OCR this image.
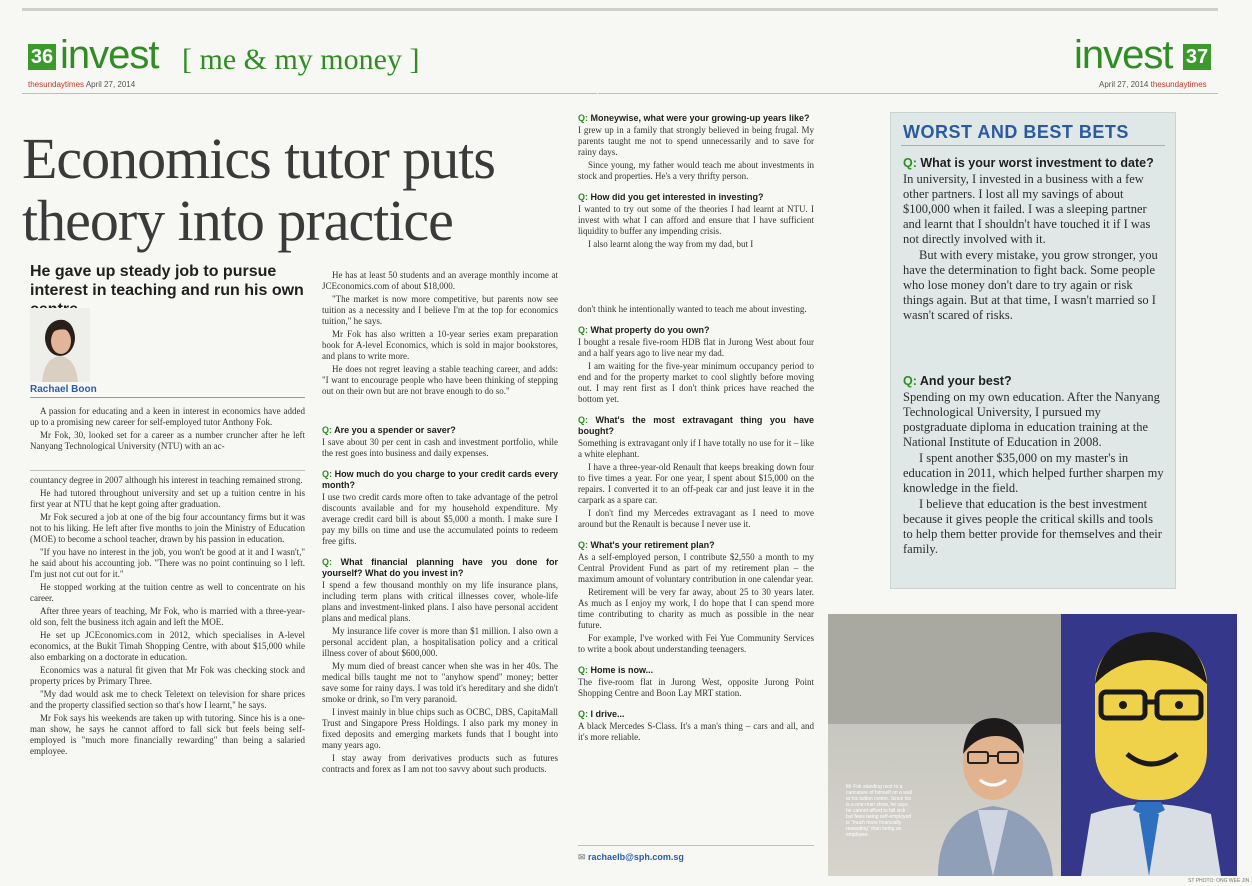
36 invest [ me & my money ]
thesundaytimes April 27, 2014
invest 37
April 27, 2014 thesundaytimes
Economics tutor puts theory into practice
He gave up steady job to pursue interest in teaching and run his own
Rachael Boon

A passion for educating and a keen in interest in economics have added up to a promising new career for self-employed tutor Anthony Fok.

Mr Fok, 30, looked set for a career as a number cruncher after he left Nanyang Technological University (NTU) with an ac-

countancy degree in 2007 although his interest in teaching remained strong.

He had tutored throughout university and set up a tuition centre in his first year at NTU that he kept going after graduation.

Mr Fok secured a job at one of the big four accountancy firms but it was not to his liking. He left after five months to join the Ministry of Education (MOE) to become a school teacher, drawn by his passion in education.

"If you have no interest in the job, you won't be good at it and I wasn't," he said about his accounting job. "There was no point continuing so I left. I'm just not cut out for it."

He stopped working at the tuition centre as well to concentrate on his career.

After three years of teaching, Mr Fok, who is married with a three-year-old son, felt the business itch again and left the MOE.

He set up JCEconomics.com in 2012, which specialises in A-level economics, at the Bukit Timah Shopping Centre, with about $15,000 while also embarking on a doctorate in education.

Economics was a natural fit given that Mr Fok was checking stock and property prices by Primary Three.

"My dad would ask me to check Teletext on television for share prices and the property classified section so that's how I learnt," he says.

Mr Fok says his weekends are taken up with tutoring. Since his is a one-man show, he says he cannot afford to fall sick but feels being self-employed is "much more financially rewarding" than being a salaried employee.

He has at least 50 students and an average monthly income at JCEconomics.com of about $18,000.

"The market is now more competitive, but parents now see tuition as a necessity and I believe I'm at the top for economics tuition," he says.

Mr Fok has also written a 10-year series exam preparation book for A-level Economics, which is sold in major bookstores, and plans to write more.

He does not regret leaving a stable teaching career, and adds: "I want to encourage people who have been thinking of stepping out on their own but are not brave enough to do so."

Q: Are you a spender or saver?

I save about 30 per cent in cash and investment portfolio, while the rest goes into business and daily expenses.

Q: How much do you charge to your credit cards every month?

I use two credit cards more often to take advantage of the petrol discounts available and for my household expenditure. My average credit card bill is about $5,000 a month. I make sure I pay my bills on time and use the accumulated points to redeem free gifts.

Q: What financial planning have you done for yourself? What do you invest in?

I spend a few thousand monthly on my life insurance plans, including term plans with critical illnesses cover, whole-life plans and investment-linked plans. I also have personal accident plans and medical plans.

My insurance life cover is more than $1 million. I also own a personal accident plan, a hospitalisation policy and a critical illness cover of about $600,000.

My mum died of breast cancer when she was in her 40s. The medical bills taught me not to "anyhow spend" money; better save some for rainy days. I was told it's hereditary and she didn't smoke or drink, so I'm very paranoid.

I invest mainly in blue chips such as OCBC, DBS, CapitaMall Trust and Singapore Press Holdings. I also park my money in fixed deposits and emerging markets funds that I bought into many years ago.

I stay away from derivatives products such as futures contracts and forex as I am not too savvy about such products.

Q: Moneywise, what were your growing-up years like?

I grew up in a family that strongly believed in being frugal. My parents taught me not to spend unnecessarily and to save for rainy days.

Since young, my father would teach me about investments in stock and properties. He's a very thrifty person.

Q: How did you get interested in investing?

I wanted to try out some of the theories I had learnt at NTU. I invest with what I can afford and ensure that I have sufficient liquidity to buffer any impending crisis.

I also learnt along the way from my dad, but I

don't think he intentionally wanted to teach me about investing.

Q: What property do you own?

I bought a resale five-room HDB flat in Jurong West about four and a half years ago to live near my dad.

I am waiting for the five-year minimum occupancy period to end and for the property market to cool slightly before moving out. I may rent first as I don't think prices have reached the bottom yet.

Q: What's the most extravagant thing you have bought?

Something is extravagant only if I have totally no use for it – like a white elephant.

I have a three-year-old Renault that keeps breaking down four to five times a year. For one year, I spent about $15,000 on the repairs. I converted it to an off-peak car and just leave it in the carpark as a spare car.

I don't find my Mercedes extravagant as I need to move around but the Renault is because I never use it.

Q: What's your retirement plan?

As a self-employed person, I contribute $2,550 a month to my Central Provident Fund as part of my retirement plan – the maximum amount of voluntary contribution in one calendar year.

Retirement will be very far away, about 25 to 30 years later. As much as I enjoy my work, I do hope that I can spend more time contributing to charity as much as possible in the near future.

For example, I've worked with Fei Yue Community Services to write a book about understanding teenagers.

Q: Home is now...

The five-room flat in Jurong West, opposite Jurong Point Shopping Centre and Boon Lay MRT station.

Q: I drive...

A black Mercedes S-Class. It's a man's thing – cars and all, and it's more reliable.

✉ rachaelb@sph.com.sg
WORST AND BEST BETS
Q: What is your worst investment to date?

In university, I invested in a business with a few other partners. I lost all my savings of about $100,000 when it failed. I was a sleeping partner and learnt that I shouldn't have touched it if I was not directly involved with it.

But with every mistake, you grow stronger, you have the determination to fight back. Some people who lose money don't dare to try again or risk things again. But at that time, I wasn't married so I wasn't scared of risks.

Q: And your best?

Spending on my own education. After the Nanyang Technological University, I pursued my postgraduate diploma in education training at the National Institute of Education in 2008.

I spent another $35,000 on my master's in education in 2011, which helped further sharpen my knowledge in the field.

I believe that education is the best investment because it gives people the critical skills and tools to help them better provide for themselves and their family.

Mr Fok standing next to a caricature of himself on a wall at his tuition centre. Since his is a one-man show, he says he cannot afford to fall sick but feels being self-employed is "much more financially rewarding" than being an employee.
ST PHOTO: ONG WEE JIN
